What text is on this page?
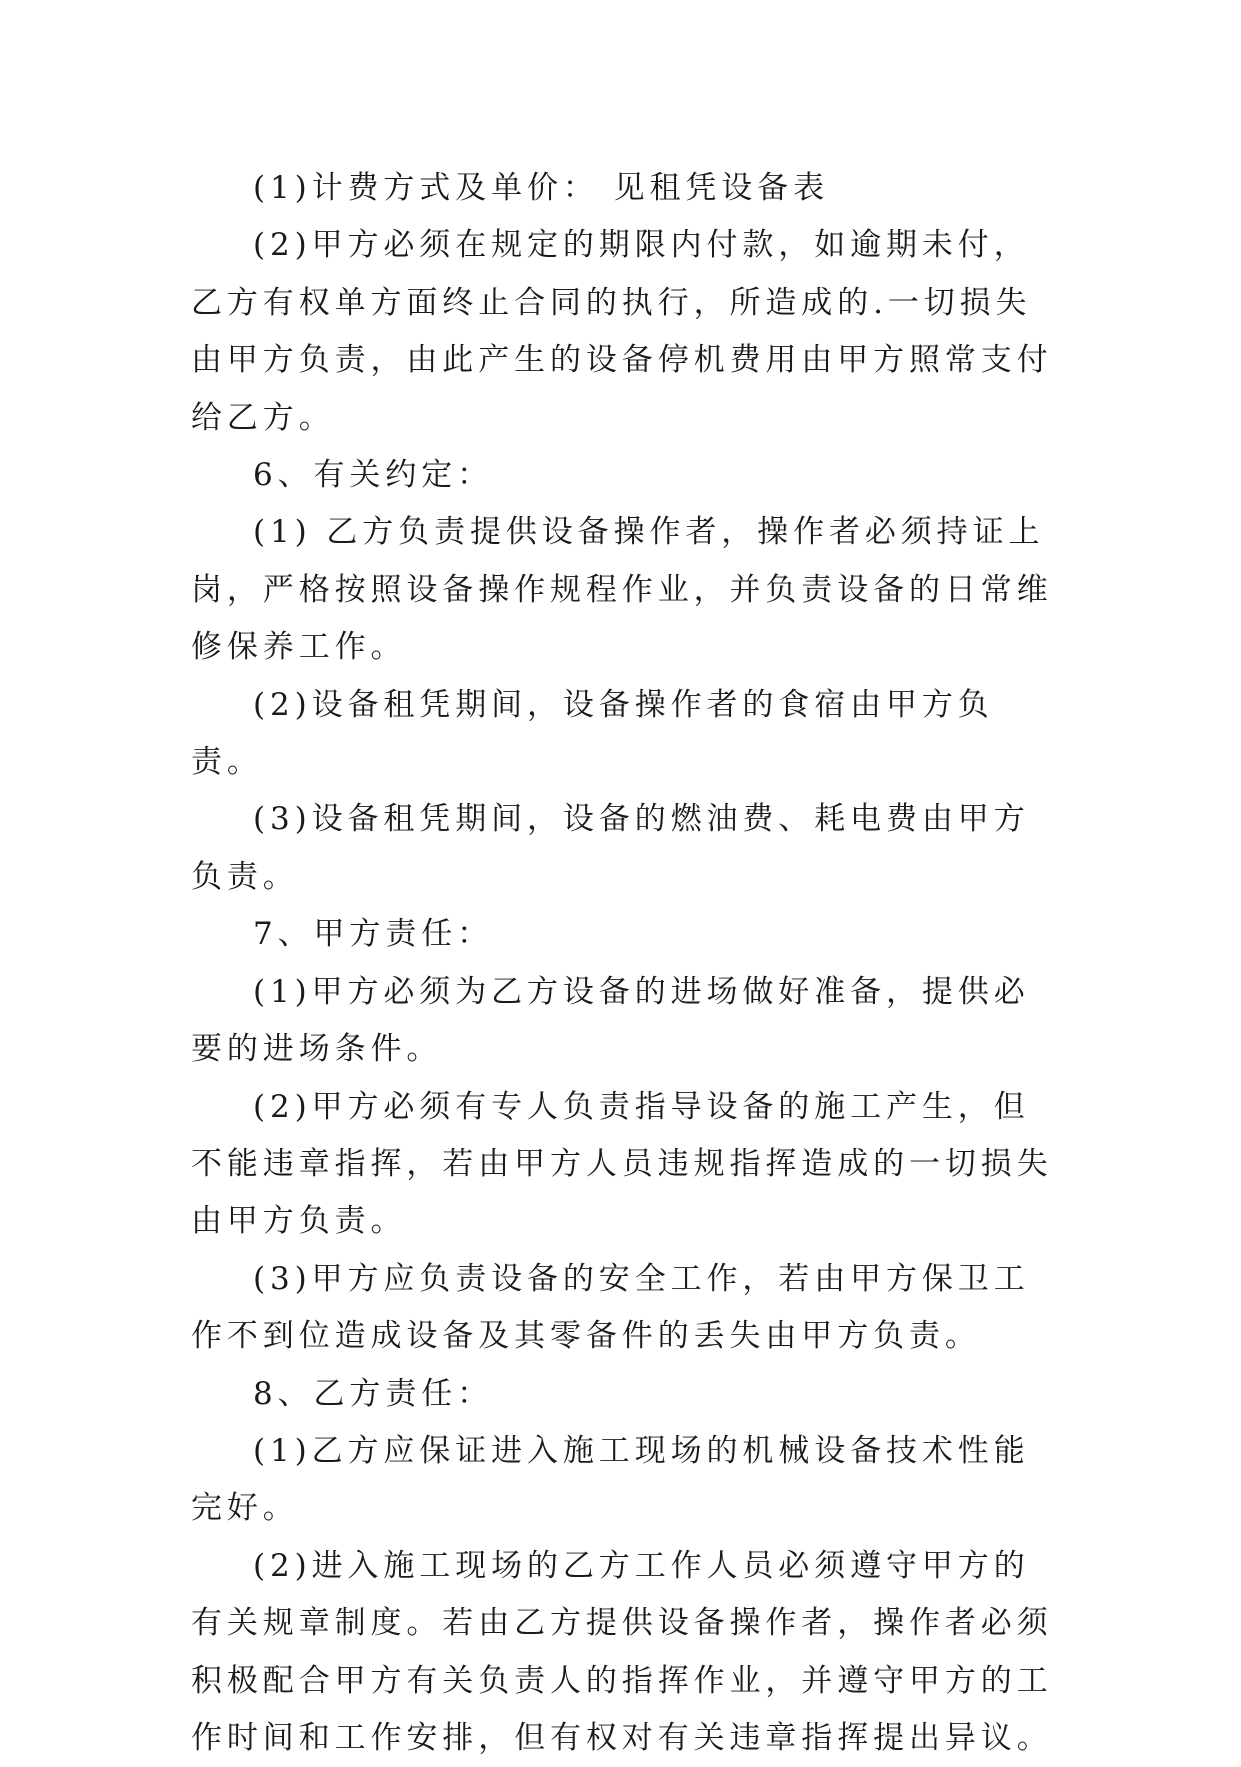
(1)计费方式及单价： 见租凭设备表

(2)甲方必须在规定的期限内付款，如逾期未付，乙方有权单方面终止合同的执行，所造成的.一切损失由甲方负责，由此产生的设备停机费用由甲方照常支付给乙方。

6、有关约定：

(1) 乙方负责提供设备操作者，操作者必须持证上岗，严格按照设备操作规程作业，并负责设备的日常维修保养工作。

(2)设备租凭期间，设备操作者的食宿由甲方负责。

(3)设备租凭期间，设备的燃油费、耗电费由甲方负责。

7、甲方责任：

(1)甲方必须为乙方设备的进场做好准备，提供必要的进场条件。

(2)甲方必须有专人负责指导设备的施工产生，但不能违章指挥，若由甲方人员违规指挥造成的一切损失由甲方负责。

(3)甲方应负责设备的安全工作，若由甲方保卫工作不到位造成设备及其零备件的丢失由甲方负责。

8、乙方责任：

(1)乙方应保证进入施工现场的机械设备技术性能完好。

(2)进入施工现场的乙方工作人员必须遵守甲方的有关规章制度。若由乙方提供设备操作者，操作者必须积极配合甲方有关负责人的指挥作业，并遵守甲方的工作时间和工作安排，但有权对有关违章指挥提出异议。
